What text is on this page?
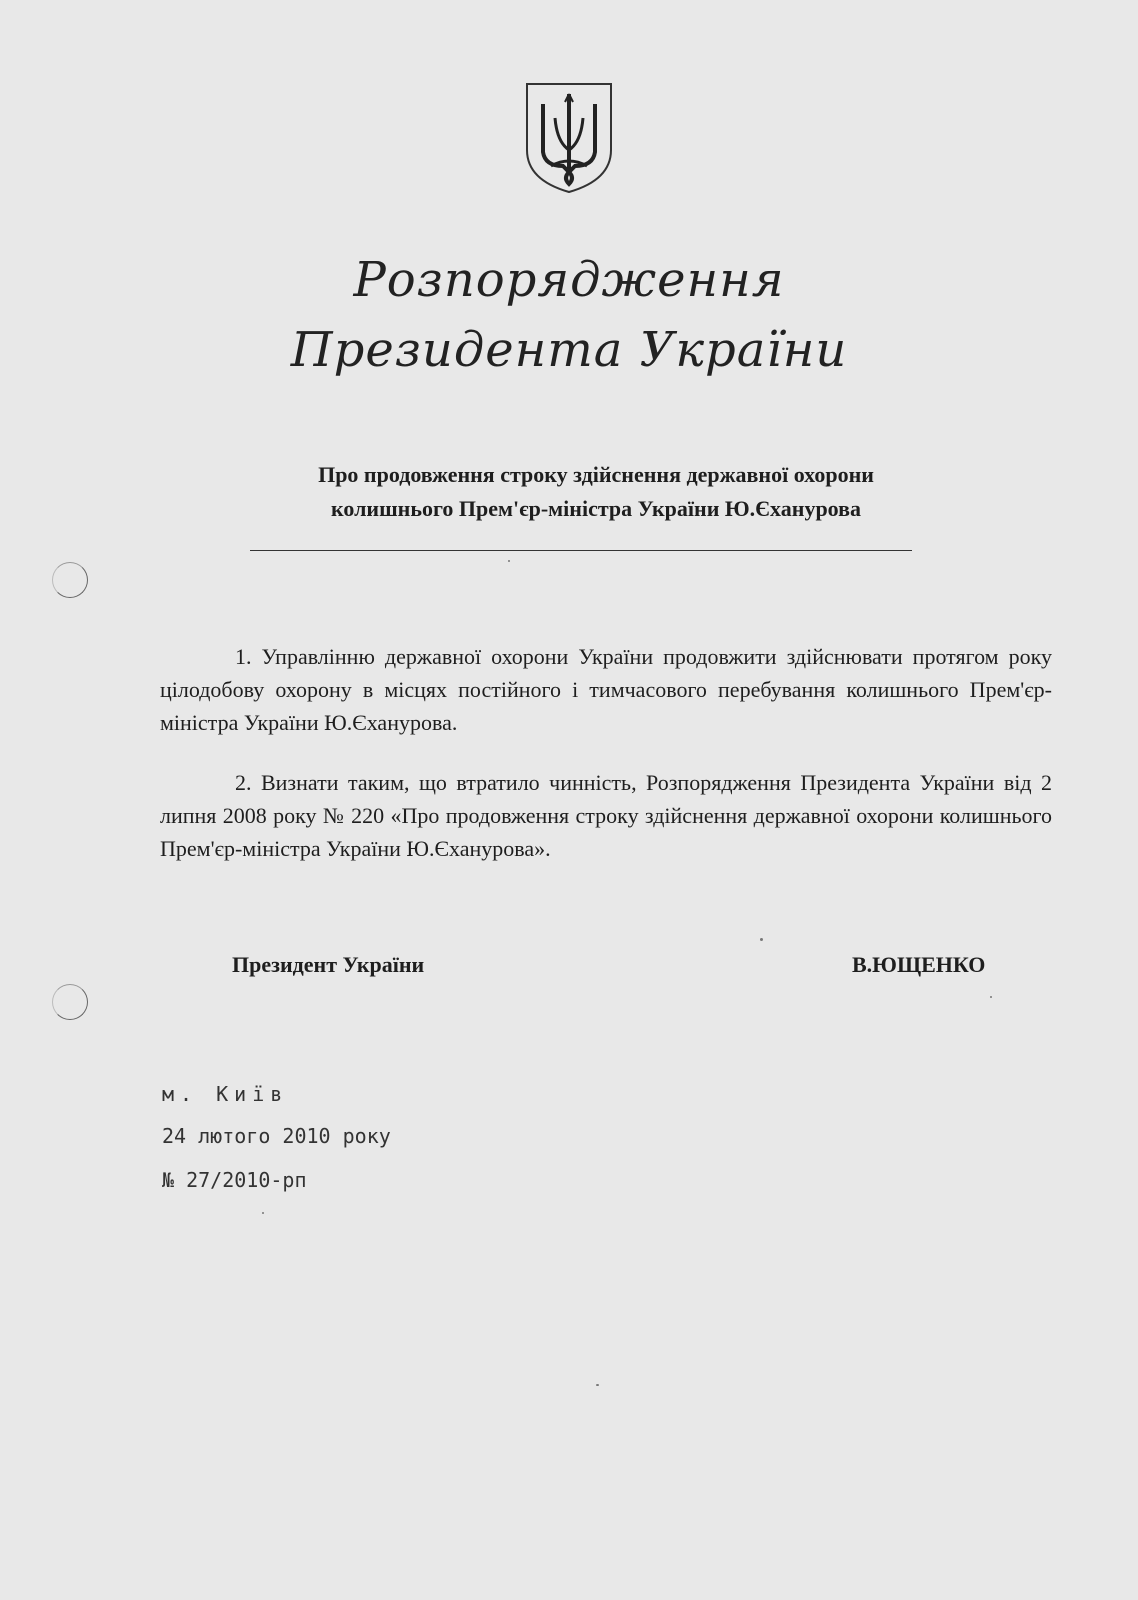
Розпорядження
Президента України
Про продовження строку здійснення державної охорони
колишнього Прем'єр-міністра України Ю.Єханурова
1. Управлінню державної охорони України продовжити здійснювати протягом року цілодобову охорону в місцях постійного і тимчасового перебування колишнього Прем'єр-міністра України Ю.Єханурова.
2. Визнати таким, що втратило чинність, Розпорядження Президента України від 2 липня 2008 року № 220 «Про продовження строку здійснення державної охорони колишнього Прем'єр-міністра України Ю.Єханурова».
Президент України	В.ЮЩЕНКО
м. Київ
24 лютого 2010 року
№ 27/2010-рп
